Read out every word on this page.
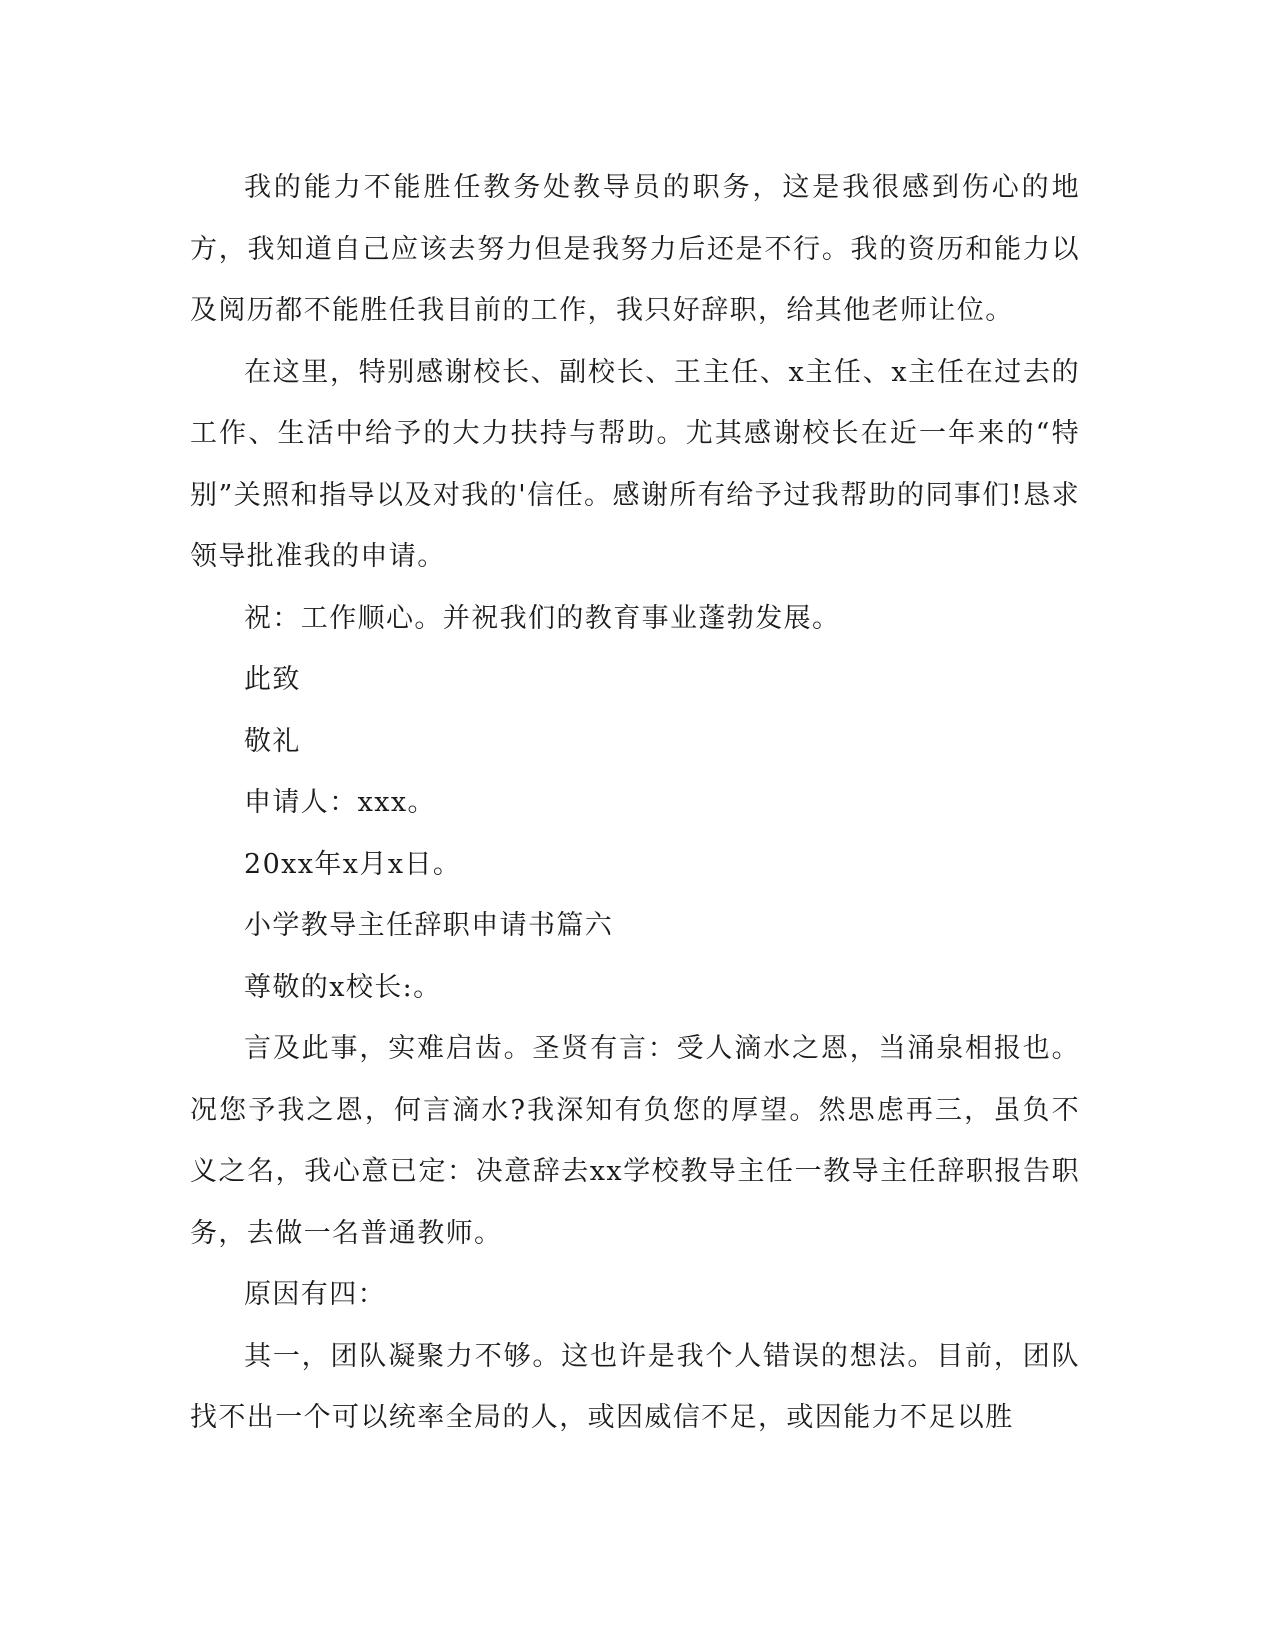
我的能力不能胜任教务处教导员的职务，这是我很感到伤心的地方，我知道自己应该去努力但是我努力后还是不行。我的资历和能力以及阅历都不能胜任我目前的工作，我只好辞职，给其他老师让位。

在这里，特别感谢校长、副校长、王主任、x主任、x主任在过去的工作、生活中给予的大力扶持与帮助。尤其感谢校长在近一年来的“特别”关照和指导以及对我的'信任。感谢所有给予过我帮助的同事们!恳求领导批准我的申请。

祝：工作顺心。并祝我们的教育事业蓬勃发展。

此致

敬礼

申请人：xxx。

20xx年x月x日。

小学教导主任辞职申请书篇六

尊敬的x校长:。

言及此事，实难启齿。圣贤有言：受人滴水之恩，当涌泉相报也。况您予我之恩，何言滴水?我深知有负您的厚望。然思虑再三，虽负不义之名，我心意已定：决意辞去xx学校教导主任一教导主任辞职报告职务，去做一名普通教师。

原因有四：

其一，团队凝聚力不够。这也许是我个人错误的想法。目前，团队找不出一个可以统率全局的人，或因威信不足，或因能力不足以胜
